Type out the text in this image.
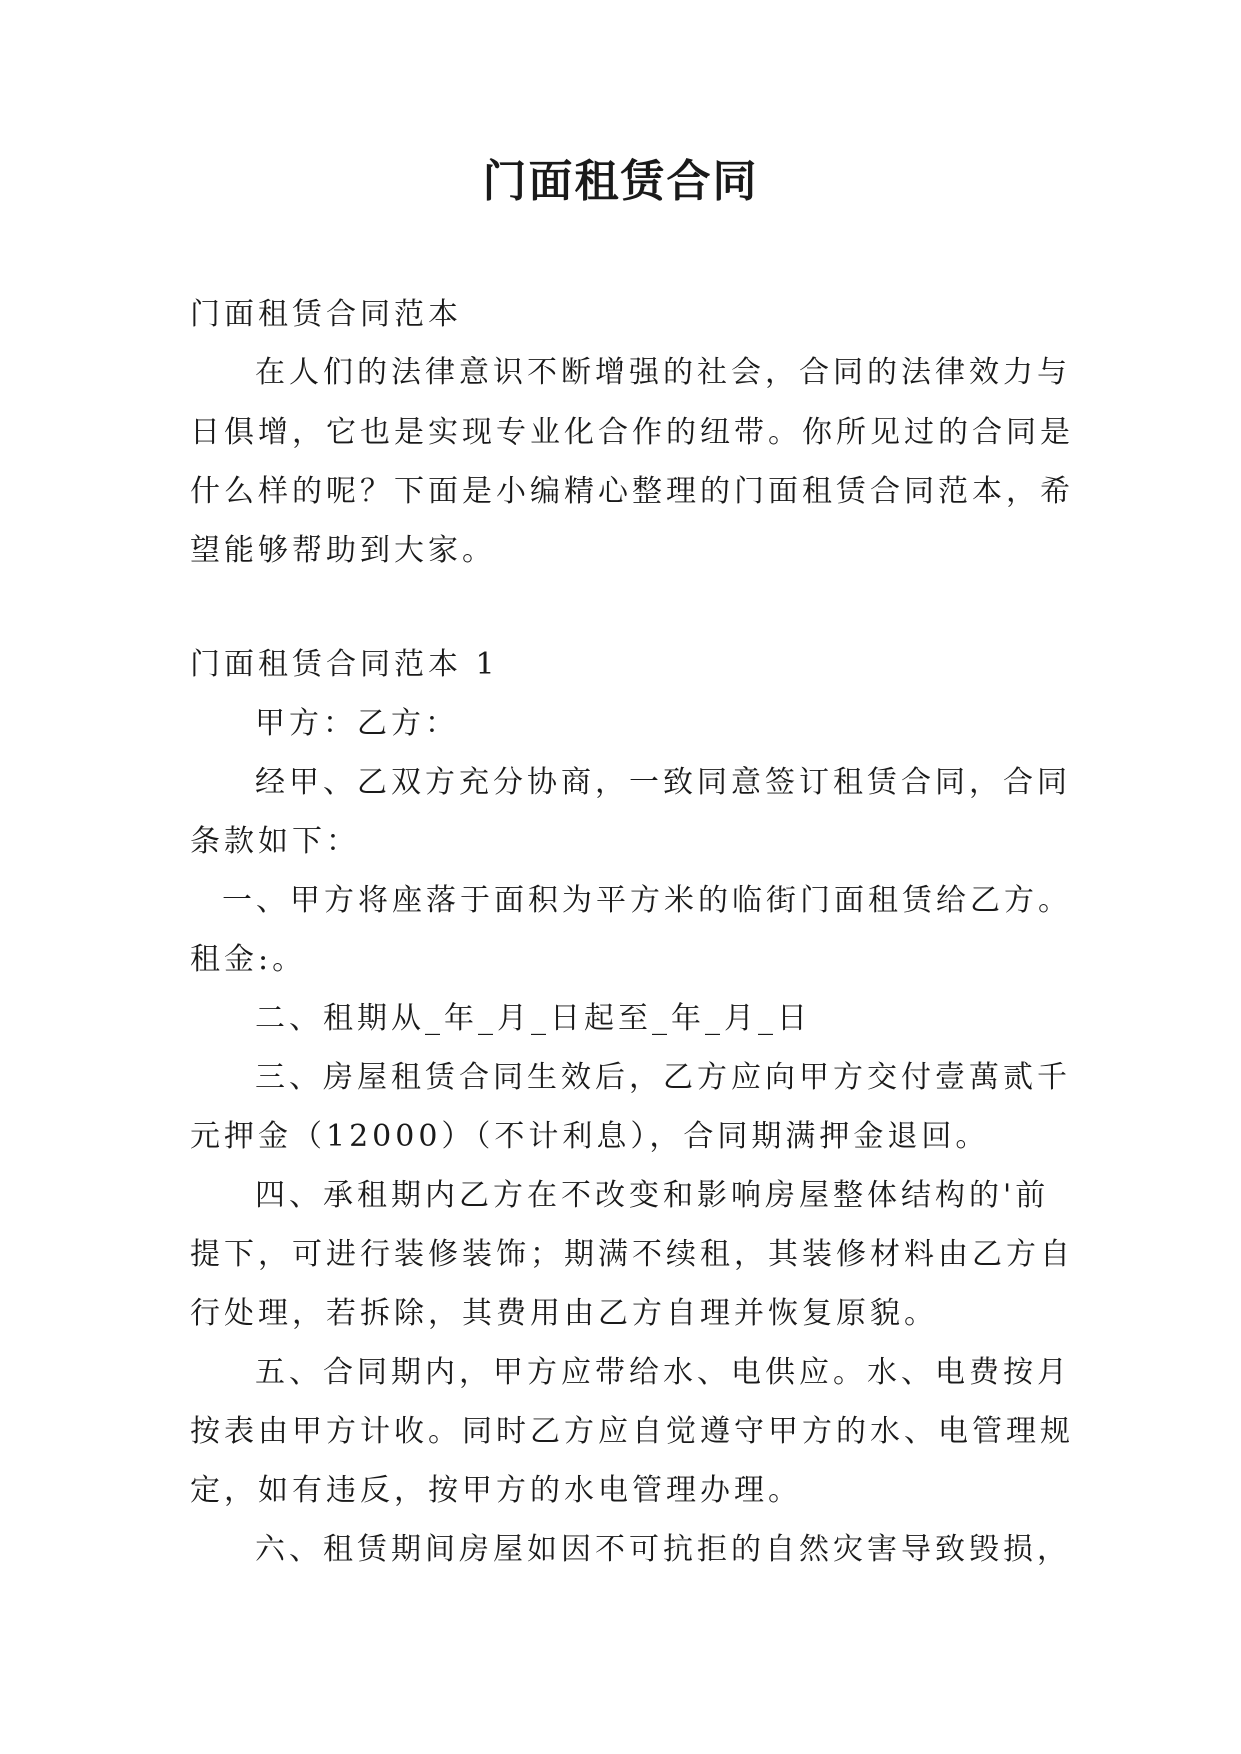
门面租赁合同
门面租赁合同范本
在人们的法律意识不断增强的社会，合同的法律效力与
日俱增，它也是实现专业化合作的纽带。你所见过的合同是
什么样的呢？下面是小编精心整理的门面租赁合同范本，希
望能够帮助到大家。
门面租赁合同范本 1
甲方：乙方：
经甲、乙双方充分协商，一致同意签订租赁合同，合同
条款如下：
一、甲方将座落于面积为平方米的临街门面租赁给乙方。
租金:。
二、租期从_年_月_日起至_年_月_日
三、房屋租赁合同生效后，乙方应向甲方交付壹萬贰千
元押金（12000）（不计利息），合同期满押金退回。
四、承租期内乙方在不改变和影响房屋整体结构的'前
提下，可进行装修装饰；期满不续租，其装修材料由乙方自
行处理，若拆除，其费用由乙方自理并恢复原貌。
五、合同期内，甲方应带给水、电供应。水、电费按月
按表由甲方计收。同时乙方应自觉遵守甲方的水、电管理规
定，如有违反，按甲方的水电管理办理。
六、租赁期间房屋如因不可抗拒的自然灾害导致毁损，
